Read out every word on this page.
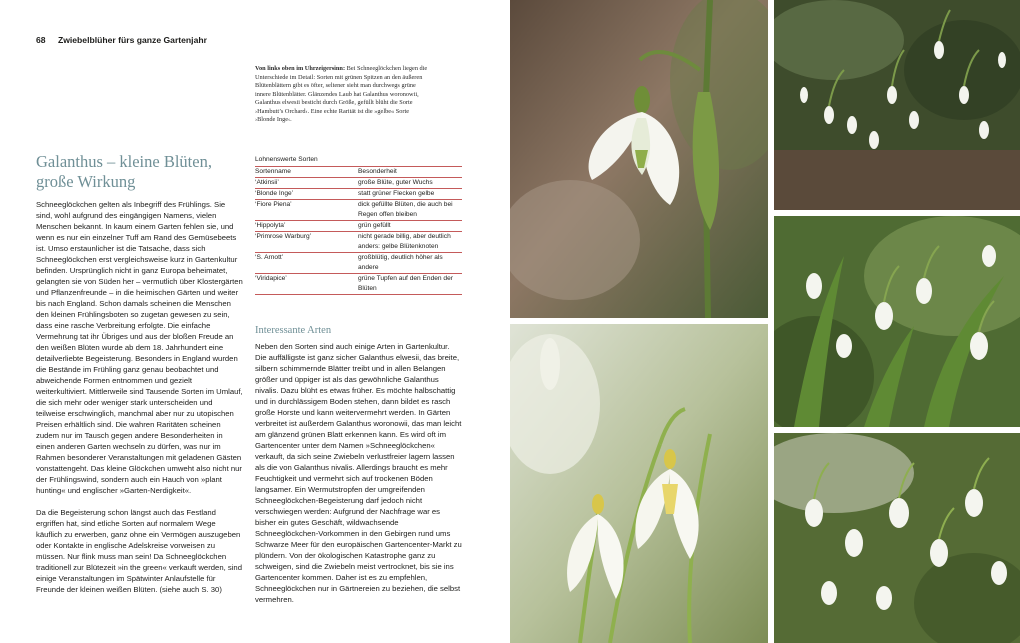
68 Zwiebelblüher fürs ganze Gartenjahr

Von links oben im Uhrzeigersinn: Bei Schneeglöckchen liegen die Unterschiede im Detail: Sorten mit grünen Spitzen an den äußeren Blütenblättern gibt es öfter, seltener sieht man durchwegs grüne innere Blütenblätter. Glänzendes Laub hat Galanthus woronowii, Galanthus elwesii besticht durch Größe, gefüllt blüht die Sorte ›Hambutt’s Orchard‹. Eine echte Rarität ist die »gelbe« Sorte ›Blonde Inge‹.

Galanthus – kleine Blüten, große Wirkung

Schneeglöckchen gelten als Inbegriff des Frühlings. Sie sind, wohl aufgrund des eingängigen Namens, vielen Menschen bekannt. In kaum einem Garten fehlen sie, und wenn es nur ein einzelner Tuff am Rand des Gemüsebeets ist. Umso erstaunlicher ist die Tatsache, dass sich Schneeglöckchen erst vergleichsweise kurz in Gartenkultur befinden. Ursprünglich nicht in ganz Europa beheimatet, gelangten sie von Süden her – vermutlich über Klostergärten und Pflanzenfreunde – in die heimischen Gärten und weiter bis nach England. Schon damals scheinen die Menschen den kleinen Frühlingsboten so zugetan gewesen zu sein, dass eine rasche Verbreitung erfolgte. Die einfache Vermehrung tat ihr Übriges und aus der bloßen Freude an den weißen Blüten wurde ab dem 18. Jahrhundert eine detailverliebte Begeisterung. Besonders in England wurden die Bestände im Frühling ganz genau beobachtet und abweichende Formen entnommen und gezielt weiterkultiviert. Mittlerweile sind Tausende Sorten im Umlauf, die sich mehr oder weniger stark unterscheiden und teilweise erschwinglich, manchmal aber nur zu utopischen Preisen erhältlich sind. Die wahren Raritäten scheinen zudem nur im Tausch gegen andere Besonderheiten in einen anderen Garten wechseln zu dürfen, was nur im Rahmen besonderer Veranstaltungen mit geladenen Gästen vonstattengeht. Das kleine Glöckchen umweht also nicht nur der Frühlingswind, sondern auch ein Hauch von »plant hunting« und englischer »Garten-Nerdigkeit«.

Da die Begeisterung schon längst auch das Festland ergriffen hat, sind etliche Sorten auf normalem Wege käuflich zu erwerben, ganz ohne ein Vermögen auszugeben oder Kontakte in englische Adelskreise vorweisen zu müssen. Nur flink muss man sein! Da Schneeglöckchen traditionell zur Blütezeit »in the green« verkauft werden, sind einige Veranstaltungen im Spätwinter Anlaufstelle für Freunde der kleinen weißen Blüten. (siehe auch S. 30)

Lohnenswerte Sorten
Sortenname	Besonderheit
‘Atkinsii’	große Blüte, guter Wuchs
‘Blonde Inge’	statt grüner Flecken gelbe
‘Fiore Piena’	dick gefüllte Blüten, die auch bei Regen offen bleiben
‘Hippolyta’	grün gefüllt
‘Primrose Warburg’	nicht gerade billig, aber deutlich anders: gelbe Blütenknoten
‘S. Arnott’	großblütig, deutlich höher als andere
‘Viridapice’	grüne Tupfen auf den Enden der Blüten
Interessante Arten

Neben den Sorten sind auch einige Arten in Gartenkultur. Die auffälligste ist ganz sicher Galanthus elwesii, das breite, silbern schimmernde Blätter treibt und in allen Belangen größer und üppiger ist als das gewöhnliche Galanthus nivalis. Dazu blüht es etwas früher. Es möchte halbschattig und in durchlässigem Boden stehen, dann bildet es rasch große Horste und kann weitervermehrt werden. In Gärten verbreitet ist außerdem Galanthus woronowii, das man leicht am glänzend grünen Blatt erkennen kann. Es wird oft im Gartencenter unter dem Namen »Schneeglöckchen« verkauft, da sich seine Zwiebeln verlustfreier lagern lassen als die von Galanthus nivalis. Allerdings braucht es mehr Feuchtigkeit und vermehrt sich auf trockenen Böden langsamer. Ein Wermutstropfen der umgreifenden Schneeglöckchen-Begeisterung darf jedoch nicht verschwiegen werden: Aufgrund der Nachfrage war es bisher ein gutes Geschäft, wildwachsende Schneeglöckchen-Vorkommen in den Gebirgen rund ums Schwarze Meer für den europäischen Gartencenter-Markt zu plündern. Von der ökologischen Katastrophe ganz zu schweigen, sind die Zwiebeln meist vertrocknet, bis sie ins Gartencenter kommen. Daher ist es zu empfehlen, Schneeglöckchen nur in Gärtnereien zu beziehen, die selbst vermehren.
